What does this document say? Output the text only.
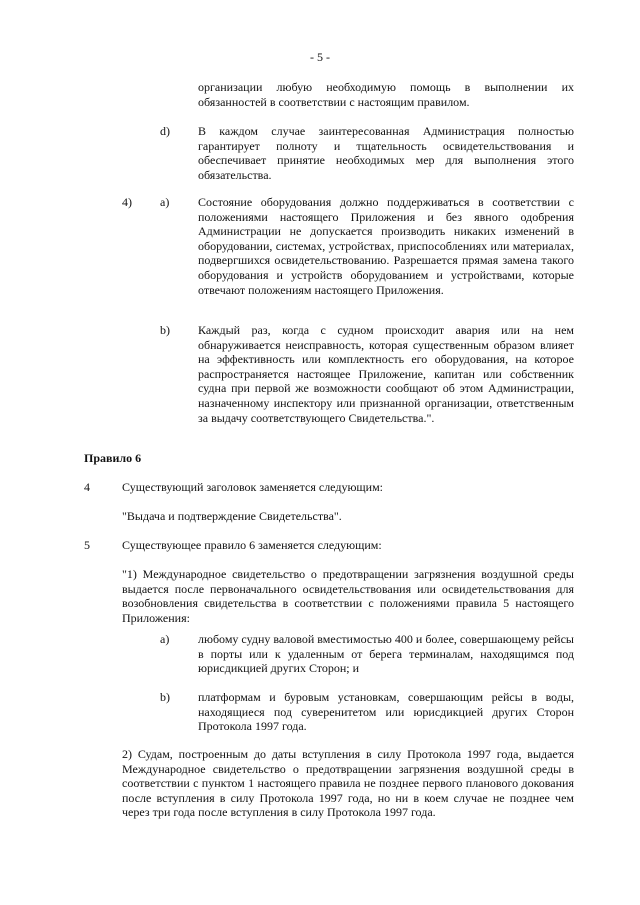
- 5 -
организации любую необходимую помощь в выполнении их обязанностей в соответствии с настоящим правилом.
d) В каждом случае заинтересованная Администрация полностью гарантирует полноту и тщательность освидетельствования и обеспечивает принятие необходимых мер для выполнения этого обязательства.
4) a) Состояние оборудования должно поддерживаться в соответствии с положениями настоящего Приложения и без явного одобрения Администрации не допускается производить никаких изменений в оборудовании, системах, устройствах, приспособлениях или материалах, подвергшихся освидетельствованию. Разрешается прямая замена такого оборудования и устройств оборудованием и устройствами, которые отвечают положениям настоящего Приложения.
b) Каждый раз, когда с судном происходит авария или на нем обнаруживается неисправность, которая существенным образом влияет на эффективность или комплектность его оборудования, на которое распространяется настоящее Приложение, капитан или собственник судна при первой же возможности сообщают об этом Администрации, назначенному инспектору или признанной организации, ответственным за выдачу соответствующего Свидетельства.".
Правило 6
4	Существующий заголовок заменяется следующим:
"Выдача и подтверждение Свидетельства".
5	Существующее правило 6 заменяется следующим:
"1) Международное свидетельство о предотвращении загрязнения воздушной среды выдается после первоначального освидетельствования или освидетельствования для возобновления свидетельства в соответствии с положениями правила 5 настоящего Приложения:
a) любому судну валовой вместимостью 400 и более, совершающему рейсы в порты или к удаленным от берега терминалам, находящимся под юрисдикцией других Сторон; и
b) платформам и буровым установкам, совершающим рейсы в воды, находящиеся под суверенитетом или юрисдикцией других Сторон Протокола 1997 года.
2) Судам, построенным до даты вступления в силу Протокола 1997 года, выдается Международное свидетельство о предотвращении загрязнения воздушной среды в соответствии с пунктом 1 настоящего правила не позднее первого планового докования после вступления в силу Протокола 1997 года, но ни в коем случае не позднее чем через три года после вступления в силу Протокола 1997 года.
